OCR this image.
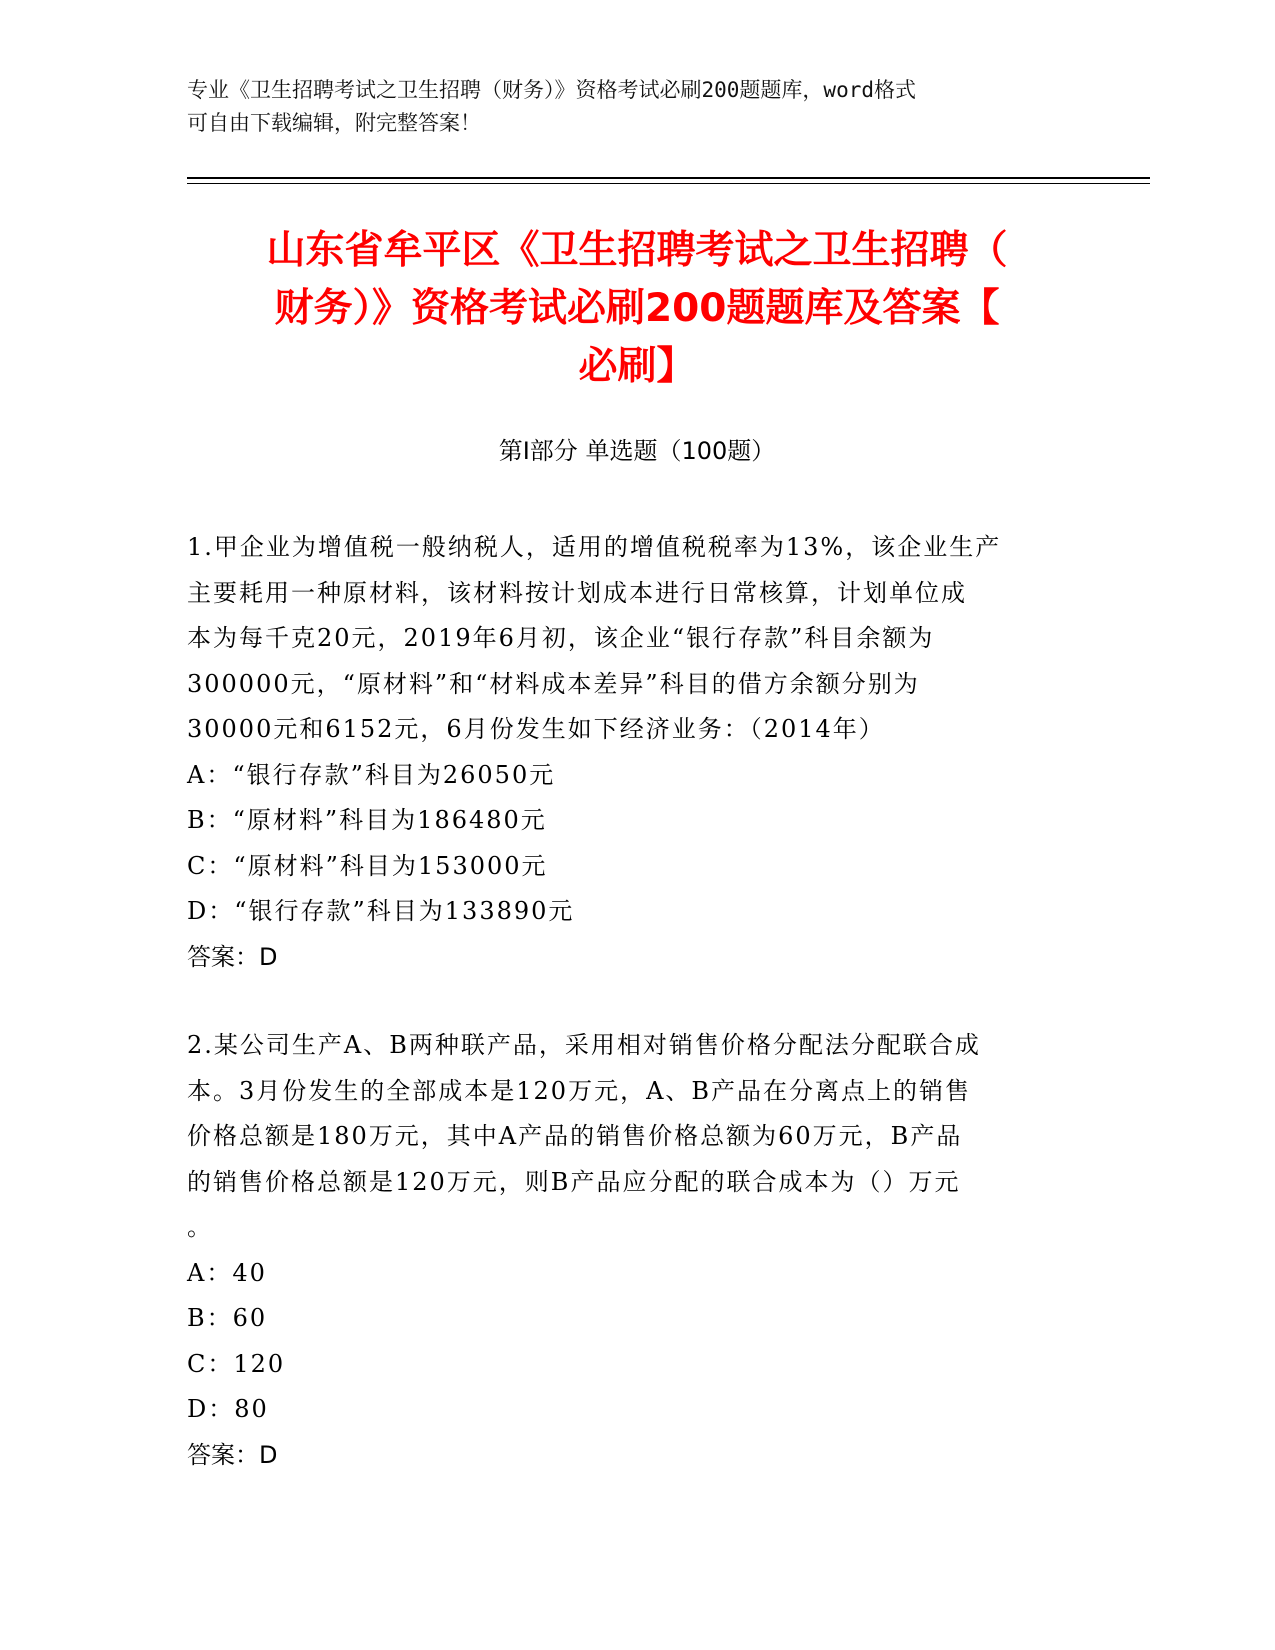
专业《卫生招聘考试之卫生招聘（财务）》资格考试必刷200题题库，word格式
可自由下载编辑，附完整答案！
山东省牟平区《卫生招聘考试之卫生招聘（
财务）》资格考试必刷200题题库及答案【
必刷】
第Ⅰ部分 单选题（100题）
1.甲企业为增值税一般纳税人，适用的增值税税率为13%，该企业生产
主要耗用一种原材料，该材料按计划成本进行日常核算，计划单位成
本为每千克20元，2019年6月初，该企业“银行存款”科目余额为
300000元，“原材料”和“材料成本差异”科目的借方余额分别为
30000元和6152元，6月份发生如下经济业务：（2014年）
A：“银行存款”科目为26050元
B：“原材料”科目为186480元
C：“原材料”科目为153000元
D：“银行存款”科目为133890元
答案：D
2.某公司生产A、B两种联产品，采用相对销售价格分配法分配联合成
本。3月份发生的全部成本是120万元，A、B产品在分离点上的销售
价格总额是180万元，其中A产品的销售价格总额为60万元，B产品
的销售价格总额是120万元，则B产品应分配的联合成本为（）万元
。
A：40
B：60
C：120
D：80
答案：D
